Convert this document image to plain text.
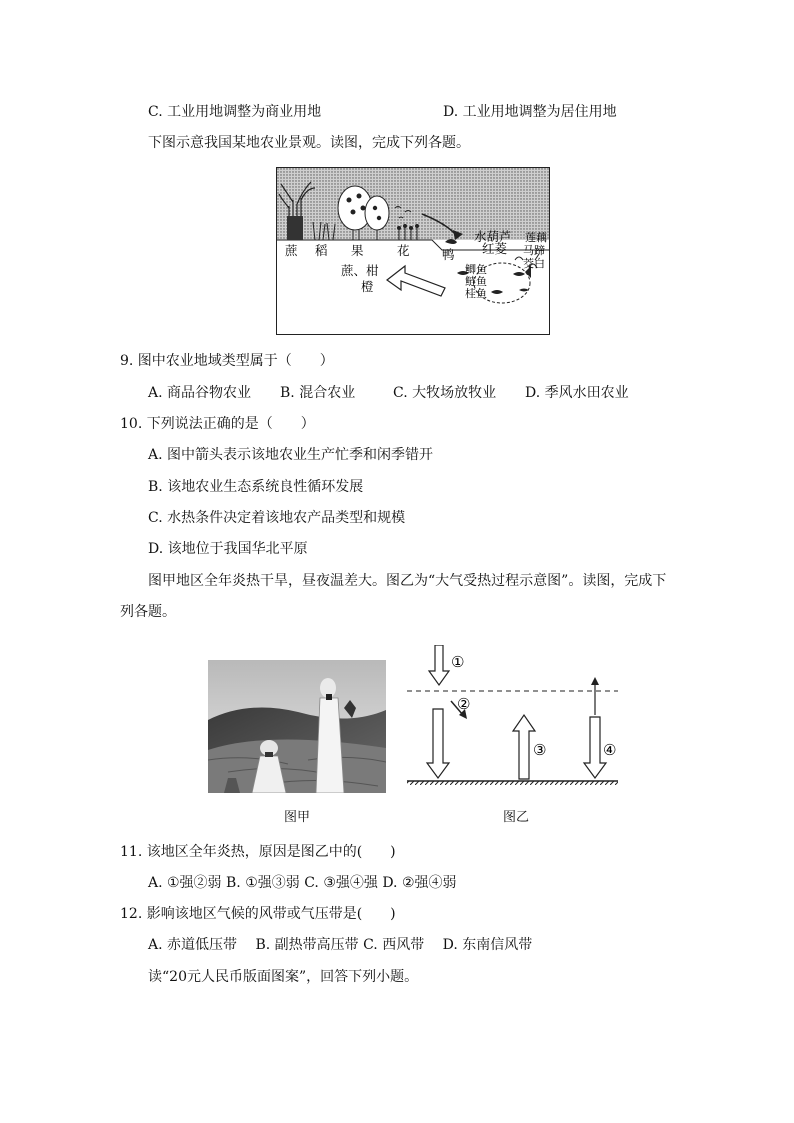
C. 工业用地调整为商业用地	D. 工业用地调整为居住用地
下图示意我国某地农业景观。读图，完成下列各题。
蔗 稻 果	花	鸭
水葫芦
红菱
莲藕
马蹄
茭白
蔗、柑
橙
鲫鱼
鲢鱼
桂鱼
9. 图中农业地域类型属于（　　）
A. 商品谷物农业 B. 混合农业	C. 大牧场放牧业 D. 季风水田农业
10. 下列说法正确的是（　　）
A. 图中箭头表示该地农业生产忙季和闲季错开
B. 该地农业生态系统良性循环发展
C. 水热条件决定着该地农产品类型和规模
D. 该地位于我国华北平原
图甲地区全年炎热干旱，昼夜温差大。图乙为“大气受热过程示意图”。读图，完成下
列各题。
图甲
①
②
③	④
图乙
11. 该地区全年炎热，原因是图乙中的(　　)
A. ①强②弱 B. ①强③弱 C. ③强④强 D. ②强④弱
12. 影响该地区气候的风带或气压带是(　　)
A. 赤道低压带　 B. 副热带高压带 C. 西风带　 D. 东南信风带
读“20元人民币版面图案”，回答下列小题。
